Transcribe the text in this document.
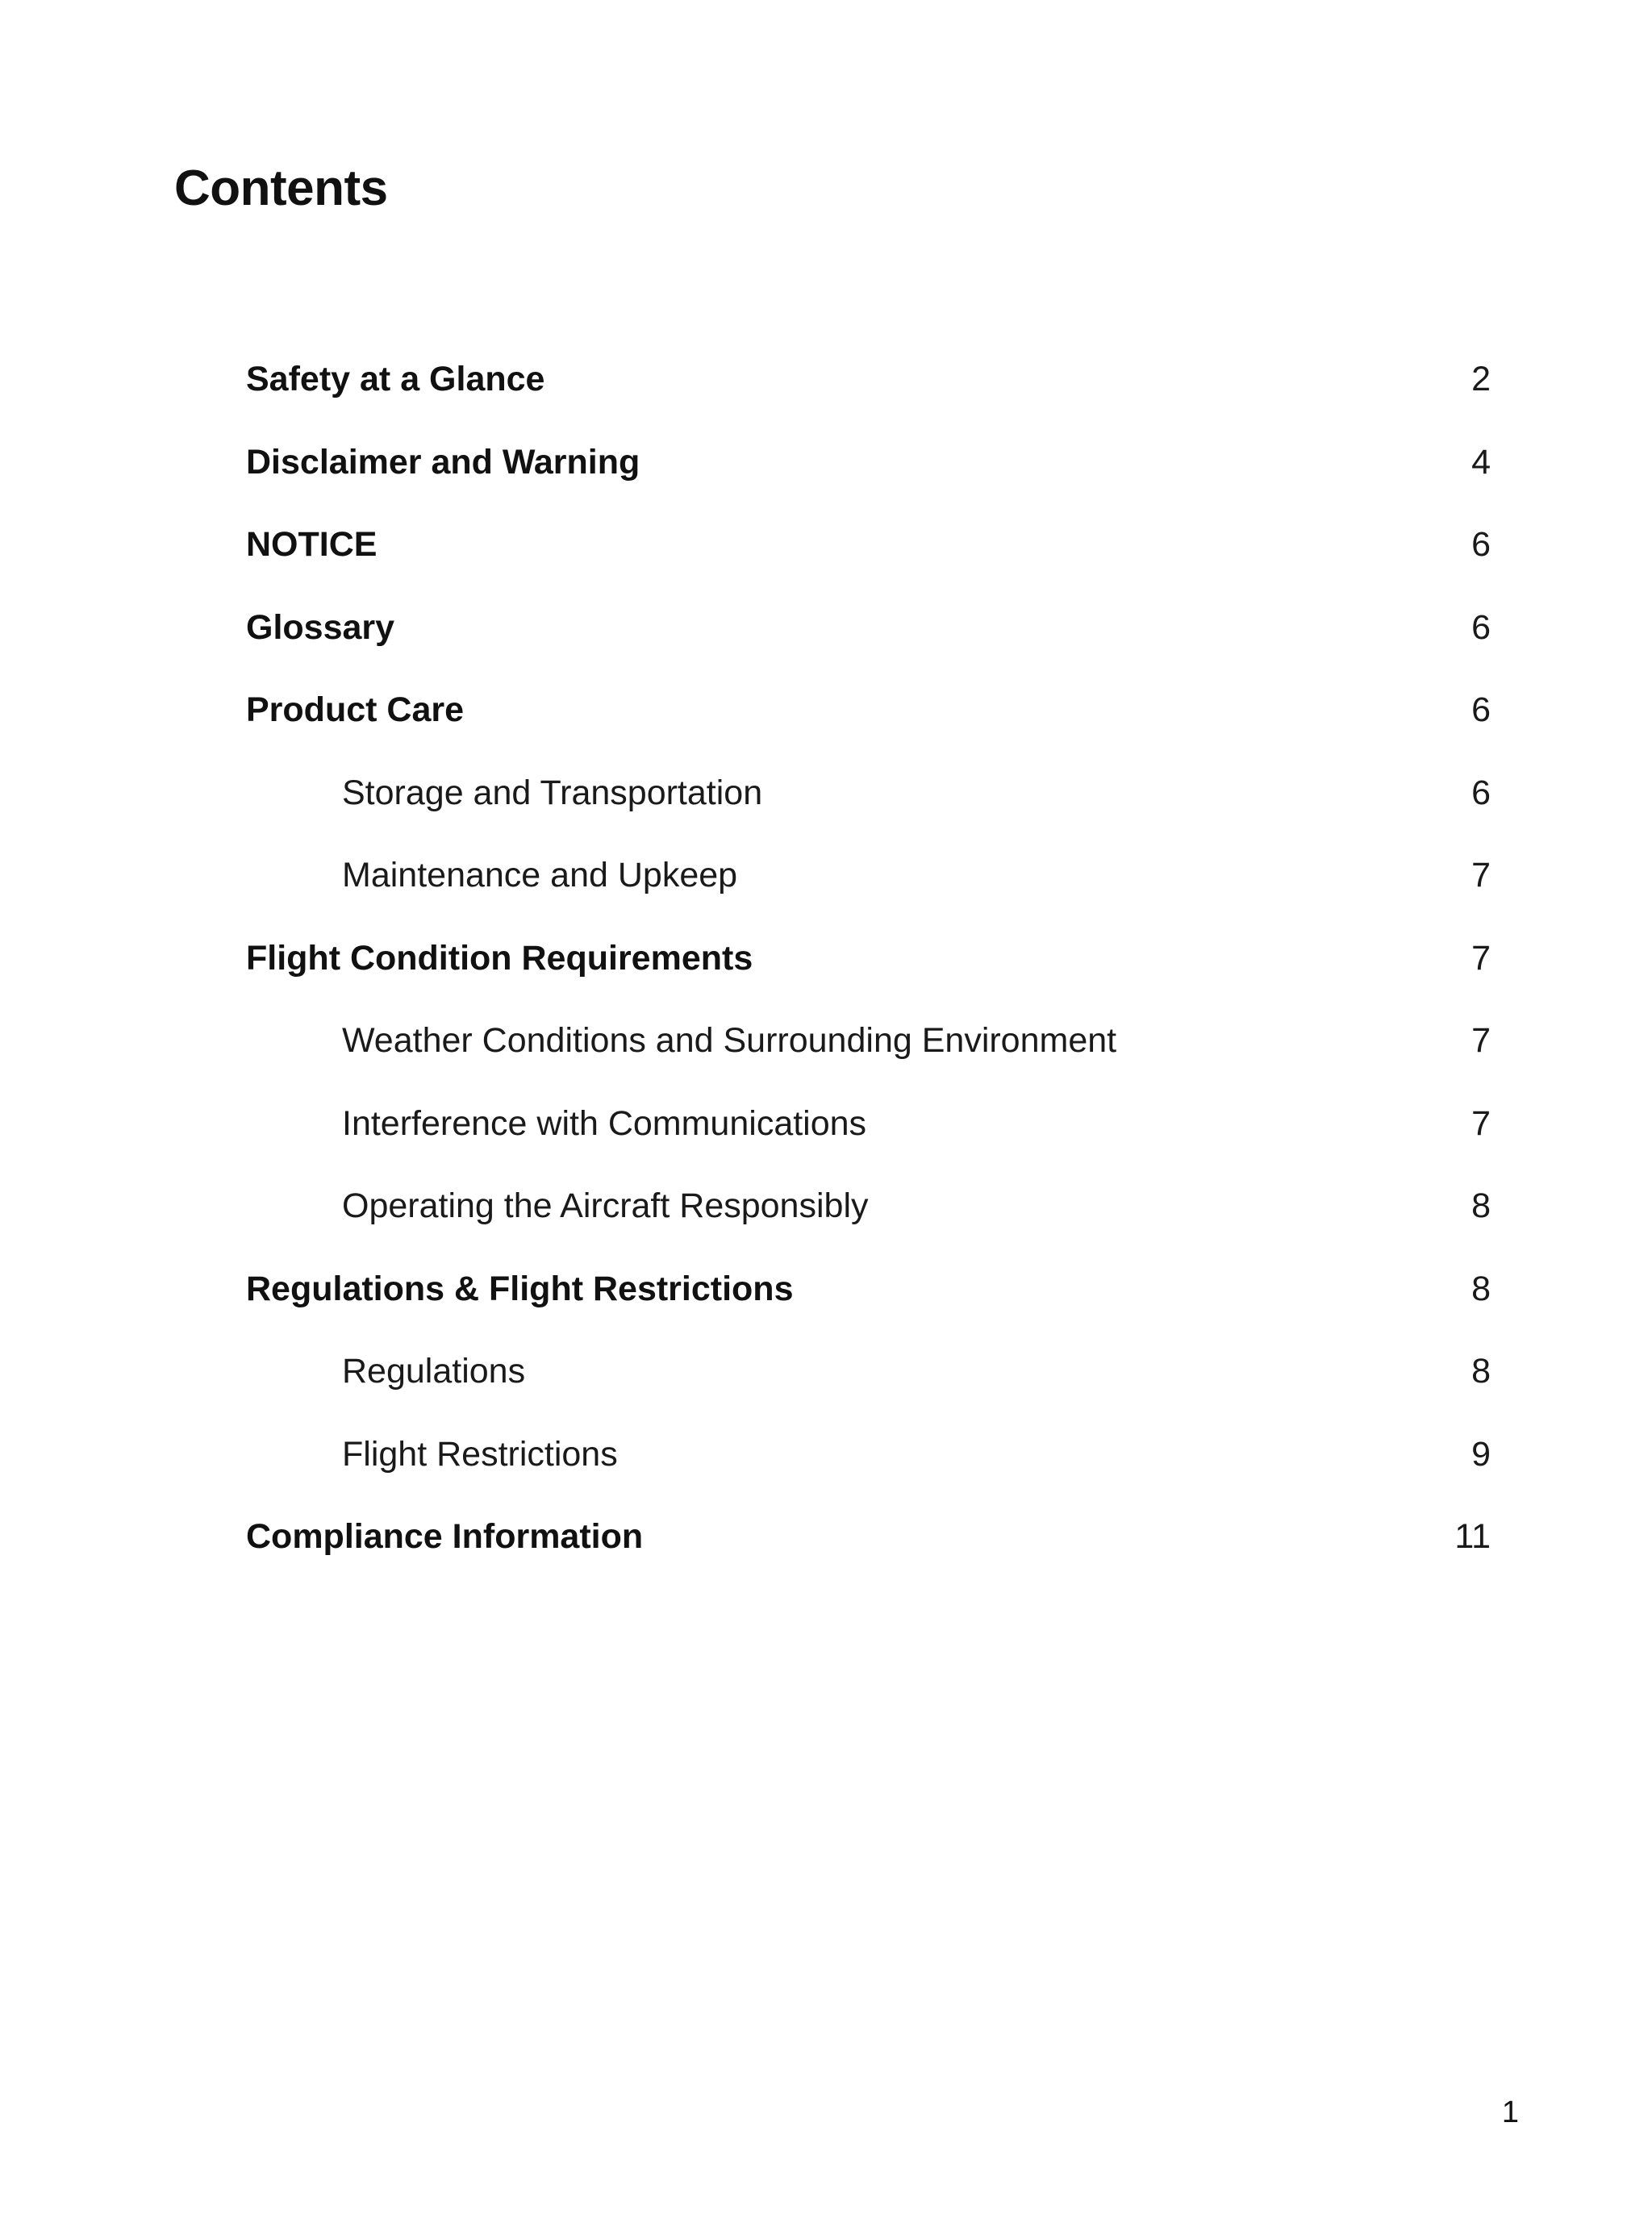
Contents
Safety at a Glance	2
Disclaimer and Warning	4
NOTICE	6
Glossary	6
Product Care	6
Storage and Transportation	6
Maintenance and Upkeep	7
Flight Condition Requirements	7
Weather Conditions and Surrounding Environment	7
Interference with Communications	7
Operating the Aircraft Responsibly	8
Regulations & Flight Restrictions	8
Regulations	8
Flight Restrictions	9
Compliance Information	11
1
